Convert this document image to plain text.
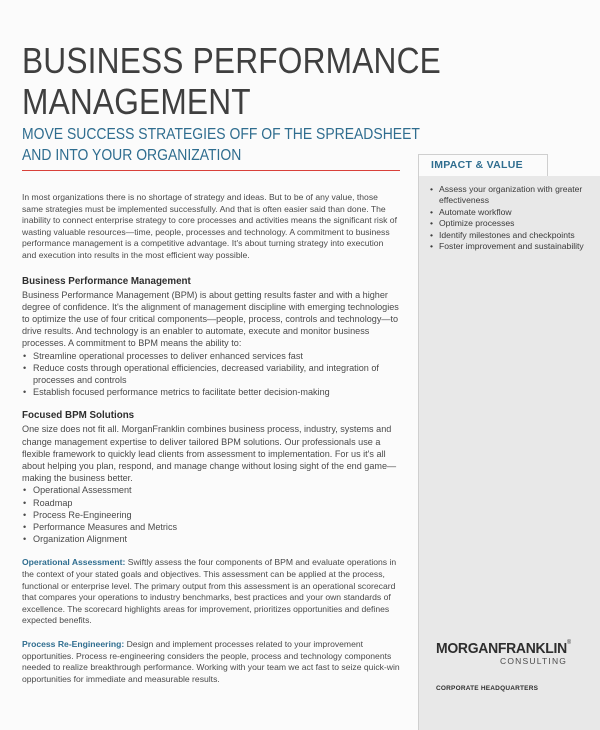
BUSINESS PERFORMANCE
MANAGEMENT
MOVE SUCCESS STRATEGIES OFF OF THE SPREADSHEET
AND INTO YOUR ORGANIZATION

In most organizations there is no shortage of strategy and ideas. But to be of any value, those same strategies must be implemented successfully. And that is often easier said than done. The inability to connect enterprise strategy to core processes and activities means the significant risk of wasting valuable resources—time, people, processes and technology. A commitment to business performance management is a competitive advantage. It's about turning strategy into execution and execution into results in the most efficient way possible.

Business Performance Management

Business Performance Management (BPM) is about getting results faster and with a higher degree of confidence. It's the alignment of management discipline with emerging technologies to optimize the use of four critical components—people, process, controls and technology—to drive results. And technology is an enabler to automate, execute and monitor business processes. A commitment to BPM means the ability to:

• Streamline operational processes to deliver enhanced services fast
• Reduce costs through operational efficiencies, decreased variability, and integration of processes and controls
• Establish focused performance metrics to facilitate better decision-making
Focused BPM Solutions

One size does not fit all. MorganFranklin combines business process, industry, systems and change management expertise to deliver tailored BPM solutions. Our professionals use a flexible framework to quickly lead clients from assessment to implementation. For us it's all about helping you plan, respond, and manage change without losing sight of the end game—making the business better.

• Operational Assessment
• Roadmap
• Process Re-Engineering
• Performance Measures and Metrics
• Organization Alignment

Operational Assessment: Swiftly assess the four components of BPM and evaluate operations in the context of your stated goals and objectives. This assessment can be applied at the process, functional or enterprise level. The primary output from this assessment is an operational scorecard that compares your operations to industry benchmarks, best practices and your own standards of excellence. The scorecard highlights areas for improvement, prioritizes opportunities and defines expected benefits.

Process Re-Engineering: Design and implement processes related to your improvement opportunities. Process re-engineering considers the people, process and technology components needed to realize breakthrough performance. Working with your team we act fast to seize quick-win opportunities for immediate and measurable results.

IMPACT & VALUE
• Assess your organization with greater effectiveness
• Automate workflow
• Optimize processes
• Identify milestones and checkpoints
• Foster improvement and sustainability
MORGANFRANKLIN®
CONSULTING
CORPORATE HEADQUARTERS
